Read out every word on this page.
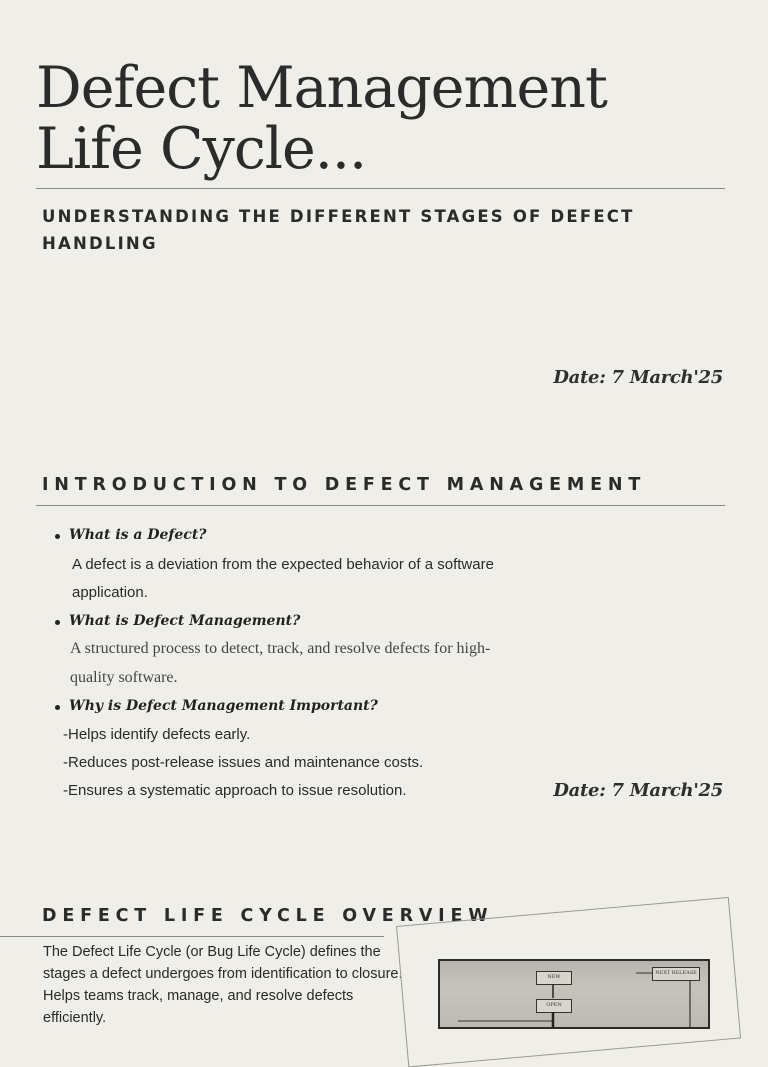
Defect Management
Life Cycle...

UNDERSTANDING THE DIFFERENT STAGES OF DEFECT HANDLING

Date: 7 March'25
INTRODUCTION TO DEFECT MANAGEMENT
What is a Defect?
A defect is a deviation from the expected behavior of a software
application.
What is Defect Management?
A structured process to detect, track, and resolve defects for high-
quality software.
Why is Defect Management Important?
-Helps identify defects early.
-Reduces post-release issues and maintenance costs.
-Ensures a systematic approach to issue resolution.	Date: 7 March'25
DEFECT LIFE CYCLE OVERVIEW

The Defect Life Cycle (or Bug Life Cycle) defines the stages a defect undergoes from identification to closure. Helps teams track, manage, and resolve defects efficiently.

NEW
OPEN
NEXT RELEASE
